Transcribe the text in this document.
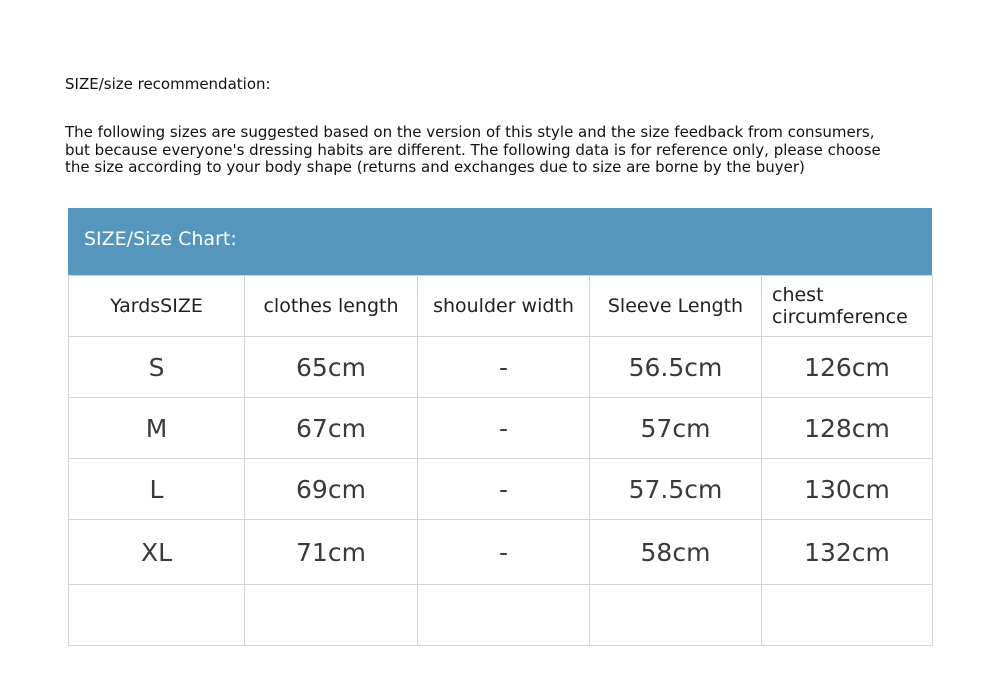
SIZE/size recommendation:
The following sizes are suggested based on the version of this style and the size feedback from consumers,
but because everyone's dressing habits are different. The following data is for reference only, please choose
the size according to your body shape (returns and exchanges due to size are borne by the buyer)
SIZE/Size Chart:
YardsSIZE	clothes length	shoulder width	Sleeve Length	chest circumference
S	65cm	-	56.5cm	126cm
M	67cm	-	57cm	128cm
L	69cm	-	57.5cm	130cm
XL	71cm	-	58cm	132cm
